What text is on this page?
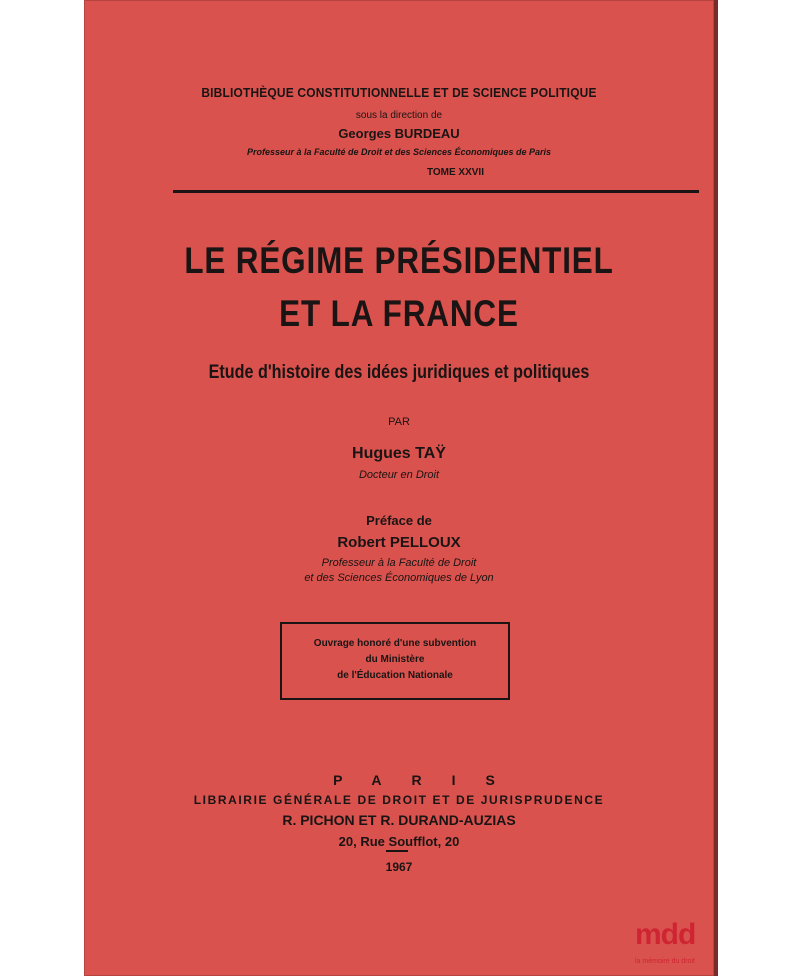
BIBLIOTHÈQUE CONSTITUTIONNELLE ET DE SCIENCE POLITIQUE
sous la direction de
Georges BURDEAU
Professeur à la Faculté de Droit et des Sciences Économiques de Paris
TOME XXVII
LE RÉGIME PRÉSIDENTIEL
ET LA FRANCE
Etude d'histoire des idées juridiques et politiques
PAR
Hugues TAŸ
Docteur en Droit
Préface de
Robert PELLOUX
Professeur à la Faculté de Droit
et des Sciences Économiques de Lyon
Ouvrage honoré d'une subvention
du Ministère
de l'Éducation Nationale
PARIS
LIBRAIRIE GÉNÉRALE DE DROIT ET DE JURISPRUDENCE
R. PICHON ET R. DURAND-AUZIAS
20, Rue Soufflot, 20
1967
mdd
la mémoire du droit
